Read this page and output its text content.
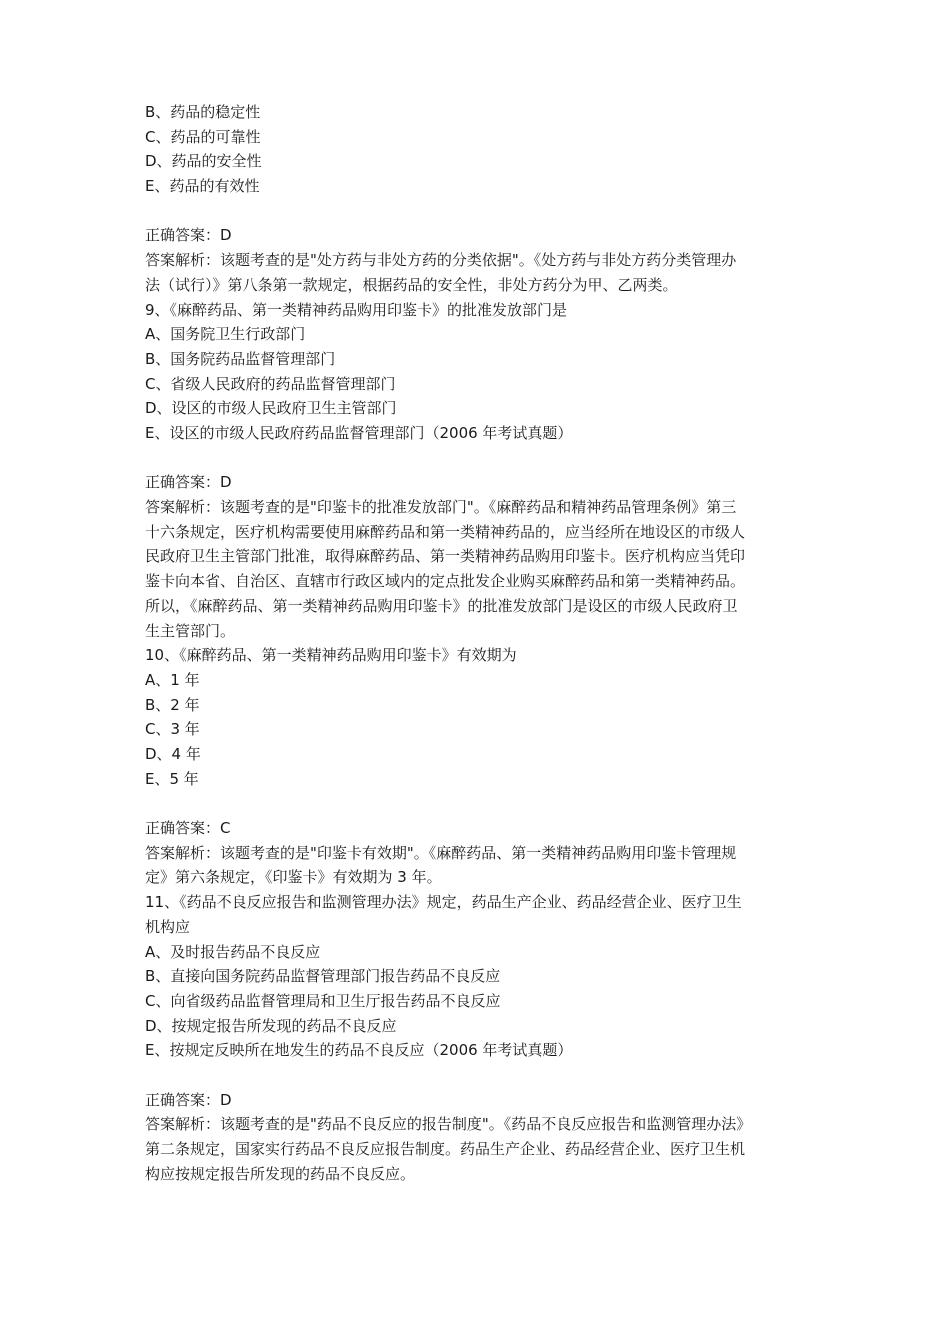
B、药品的稳定性
C、药品的可靠性
D、药品的安全性
E、药品的有效性
正确答案：D
答案解析：该题考查的是"处方药与非处方药的分类依据"。《处方药与非处方药分类管理办
法（试行）》第八条第一款规定，根据药品的安全性，非处方药分为甲、乙两类。
9、《麻醉药品、第一类精神药品购用印鉴卡》的批准发放部门是
A、国务院卫生行政部门
B、国务院药品监督管理部门
C、省级人民政府的药品监督管理部门
D、设区的市级人民政府卫生主管部门
E、设区的市级人民政府药品监督管理部门（2006 年考试真题）
正确答案：D
答案解析：该题考查的是"印鉴卡的批准发放部门"。《麻醉药品和精神药品管理条例》第三
十六条规定，医疗机构需要使用麻醉药品和第一类精神药品的，应当经所在地设区的市级人
民政府卫生主管部门批准，取得麻醉药品、第一类精神药品购用印鉴卡。医疗机构应当凭印
鉴卡向本省、自治区、直辖市行政区域内的定点批发企业购买麻醉药品和第一类精神药品。
所以，《麻醉药品、第一类精神药品购用印鉴卡》的批准发放部门是设区的市级人民政府卫
生主管部门。
10、《麻醉药品、第一类精神药品购用印鉴卡》有效期为
A、1 年
B、2 年
C、3 年
D、4 年
E、5 年
正确答案：C
答案解析：该题考查的是"印鉴卡有效期"。《麻醉药品、第一类精神药品购用印鉴卡管理规
定》第六条规定，《印鉴卡》有效期为 3 年。
11、《药品不良反应报告和监测管理办法》规定，药品生产企业、药品经营企业、医疗卫生
机构应
A、及时报告药品不良反应
B、直接向国务院药品监督管理部门报告药品不良反应
C、向省级药品监督管理局和卫生厅报告药品不良反应
D、按规定报告所发现的药品不良反应
E、按规定反映所在地发生的药品不良反应（2006 年考试真题）
正确答案：D
答案解析：该题考查的是"药品不良反应的报告制度"。《药品不良反应报告和监测管理办法》
第二条规定，国家实行药品不良反应报告制度。药品生产企业、药品经营企业、医疗卫生机
构应按规定报告所发现的药品不良反应。
